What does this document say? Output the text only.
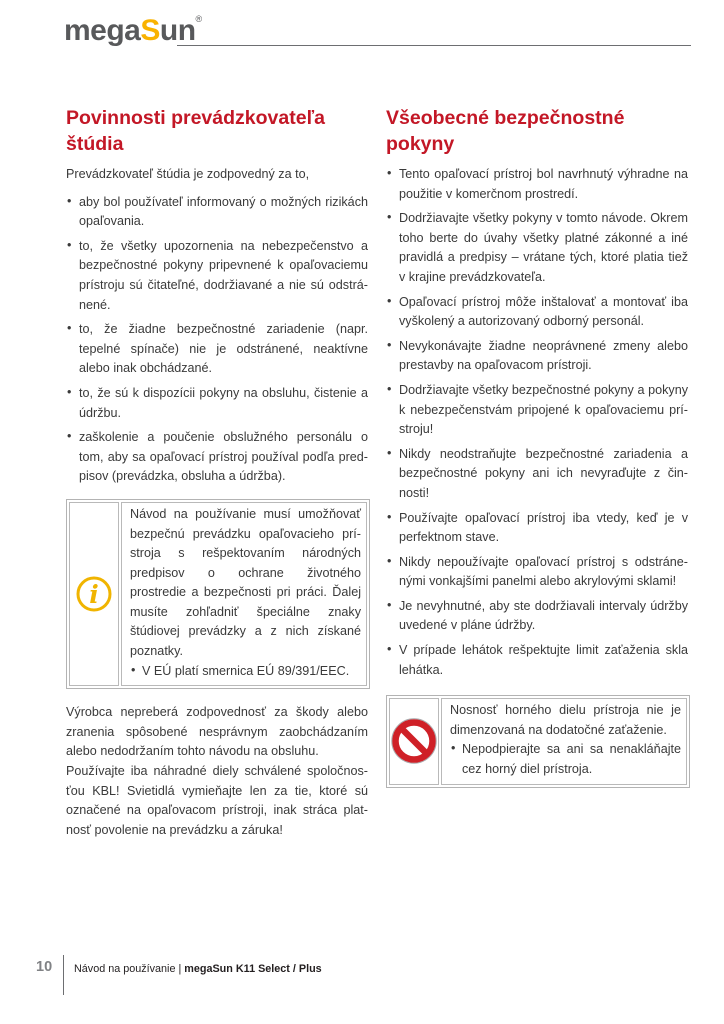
megaSun®
Povinnosti prevádzkovateľa štúdia

Prevádzkovateľ štúdia je zodpovedný za to,

• aby bol používateľ informovaný o možných rizikách opaľovania.
• to, že všetky upozornenia na nebezpečenstvo a bezpečnostné pokyny pripevnené k opaľovaciemu prístroju sú čitateľné, dodržiavané a nie sú odstránené.
• to, že žiadne bezpečnostné zariadenie (napr. tepelné spínače) nie je odstránené, neaktívne alebo inak obchádzané.
• to, že sú k dispozícii pokyny na obsluhu, čistenie a údržbu.
• zaškolenie a poučenie obslužného personálu o tom, aby sa opaľovací prístroj používal podľa predpisov (prevádzka, obsluha a údržba).
i

Návod na používanie musí umožňovať bezpečnú prevádzku opaľovacieho prístroja s rešpektovaním národných predpisov o ochrane životného prostredie a bezpečnosti pri práci. Ďalej musíte zohľadniť špeciálne znaky štúdiovej prevádzky a z nich získané poznatky.

• V EÚ platí smernica EÚ 89/391/EEC.

Výrobca nepreberá zodpovednosť za škody alebo zranenia spôsobené nesprávnym zaobchádzaním alebo nedodržaním tohto návodu na obsluhu.

Používajte iba náhradné diely schválené spoločnosťou KBL! Svietidlá vymieňajte len za tie, ktoré sú označené na opaľovacom prístroji, inak stráca platnosť povolenie na prevádzku a záruka!

Všeobecné bezpečnostné pokyny
• Tento opaľovací prístroj bol navrhnutý výhradne na použitie v komerčnom prostredí.
• Dodržiavajte všetky pokyny v tomto návode. Okrem toho berte do úvahy všetky platné zákonné a iné pravidlá a predpisy – vrátane tých, ktoré platia tiež v krajine prevádzkovateľa.
• Opaľovací prístroj môže inštalovať a montovať iba vyškolený a autorizovaný odborný personál.
• Nevykonávajte žiadne neoprávnené zmeny alebo prestavby na opaľovacom prístroji.
• Dodržiavajte všetky bezpečnostné pokyny a pokyny k nebezpečenstvám pripojené k opaľovaciemu prístroju!
• Nikdy neodstraňujte bezpečnostné zariadenia a bezpečnostné pokyny ani ich nevyraďujte z činnosti!
• Používajte opaľovací prístroj iba vtedy, keď je v perfektnom stave.
• Nikdy nepoužívajte opaľovací prístroj s odstránenými vonkajšími panelmi alebo akrylovými sklami!
• Je nevyhnutné, aby ste dodržiavali intervaly údržby uvedené v pláne údržby.
• V prípade lehátok rešpektujte limit zaťaženia skla lehátka.

Nosnosť horného dielu prístroja nie je dimenzovaná na dodatočné zaťaženie.

• Nepodpierajte sa ani sa nenakláňajte cez horný diel prístroja.
10 Návod na používanie | megaSun K11 Select / Plus
